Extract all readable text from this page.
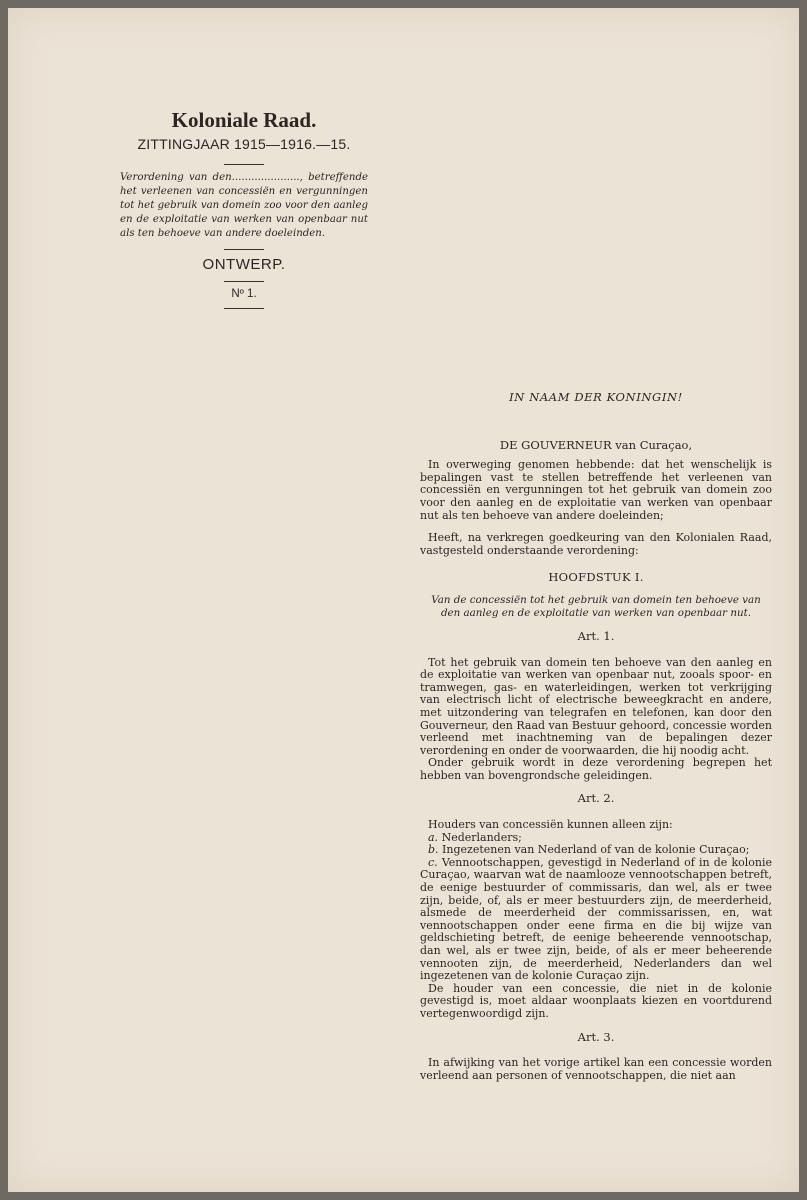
Koloniale Raad.

ZITTINGJAAR 1915—1916.—15.

Verordening van den....................., betreffende het verleenen van concessiën en vergunningen tot het gebruik van domein zoo voor den aanleg en de exploitatie van werken van openbaar nut als ten behoeve van andere doeleinden.

ONTWERP.

Nº 1.

IN NAAM DER KONINGIN!

DE GOUVERNEUR van Curaçao,

In overweging genomen hebbende: dat het wenschelijk is bepalingen vast te stellen betreffende het verleenen van concessiën en vergunningen tot het gebruik van domein zoo voor den aanleg en de exploitatie van werken van openbaar nut als ten behoeve van andere doeleinden;

Heeft, na verkregen goedkeuring van den Kolonialen Raad, vastgesteld onderstaande verordening:

HOOFDSTUK I.

Van de concessiën tot het gebruik van domein ten behoeve van den aanleg en de exploitatie van werken van openbaar nut.

Art. 1.

Tot het gebruik van domein ten behoeve van den aanleg en de exploitatie van werken van openbaar nut, zooals spoor- en tramwegen, gas- en waterleidingen, werken tot verkrijging van electrisch licht of electrische beweegkracht en andere, met uitzondering van telegrafen en telefonen, kan door den Gouverneur, den Raad van Bestuur gehoord, concessie worden verleend met inachtneming van de bepalingen dezer verordening en onder de voorwaarden, die hij noodig acht.

Onder gebruik wordt in deze verordening begrepen het hebben van bovengrondsche geleidingen.

Art. 2.

Houders van concessiën kunnen alleen zijn:

a. Nederlanders;

b. Ingezetenen van Nederland of van de kolonie Curaçao;

c. Vennootschappen, gevestigd in Nederland of in de kolonie Curaçao, waarvan wat de naamlooze vennootschappen betreft, de eenige bestuurder of commissaris, dan wel, als er twee zijn, beide, of, als er meer bestuurders zijn, de meerderheid, alsmede de meerderheid der commissarissen, en, wat vennootschappen onder eene firma en die bij wijze van geldschieting betreft, de eenige beheerende vennootschap, dan wel, als er twee zijn, beide, of als er meer beheerende vennooten zijn, de meerderheid, Nederlanders dan wel ingezetenen van de kolonie Curaçao zijn.

De houder van een concessie, die niet in de kolonie gevestigd is, moet aldaar woonplaats kiezen en voortdurend vertegenwoordigd zijn.

Art. 3.

In afwijking van het vorige artikel kan een concessie worden verleend aan personen of vennootschappen, die niet aan
